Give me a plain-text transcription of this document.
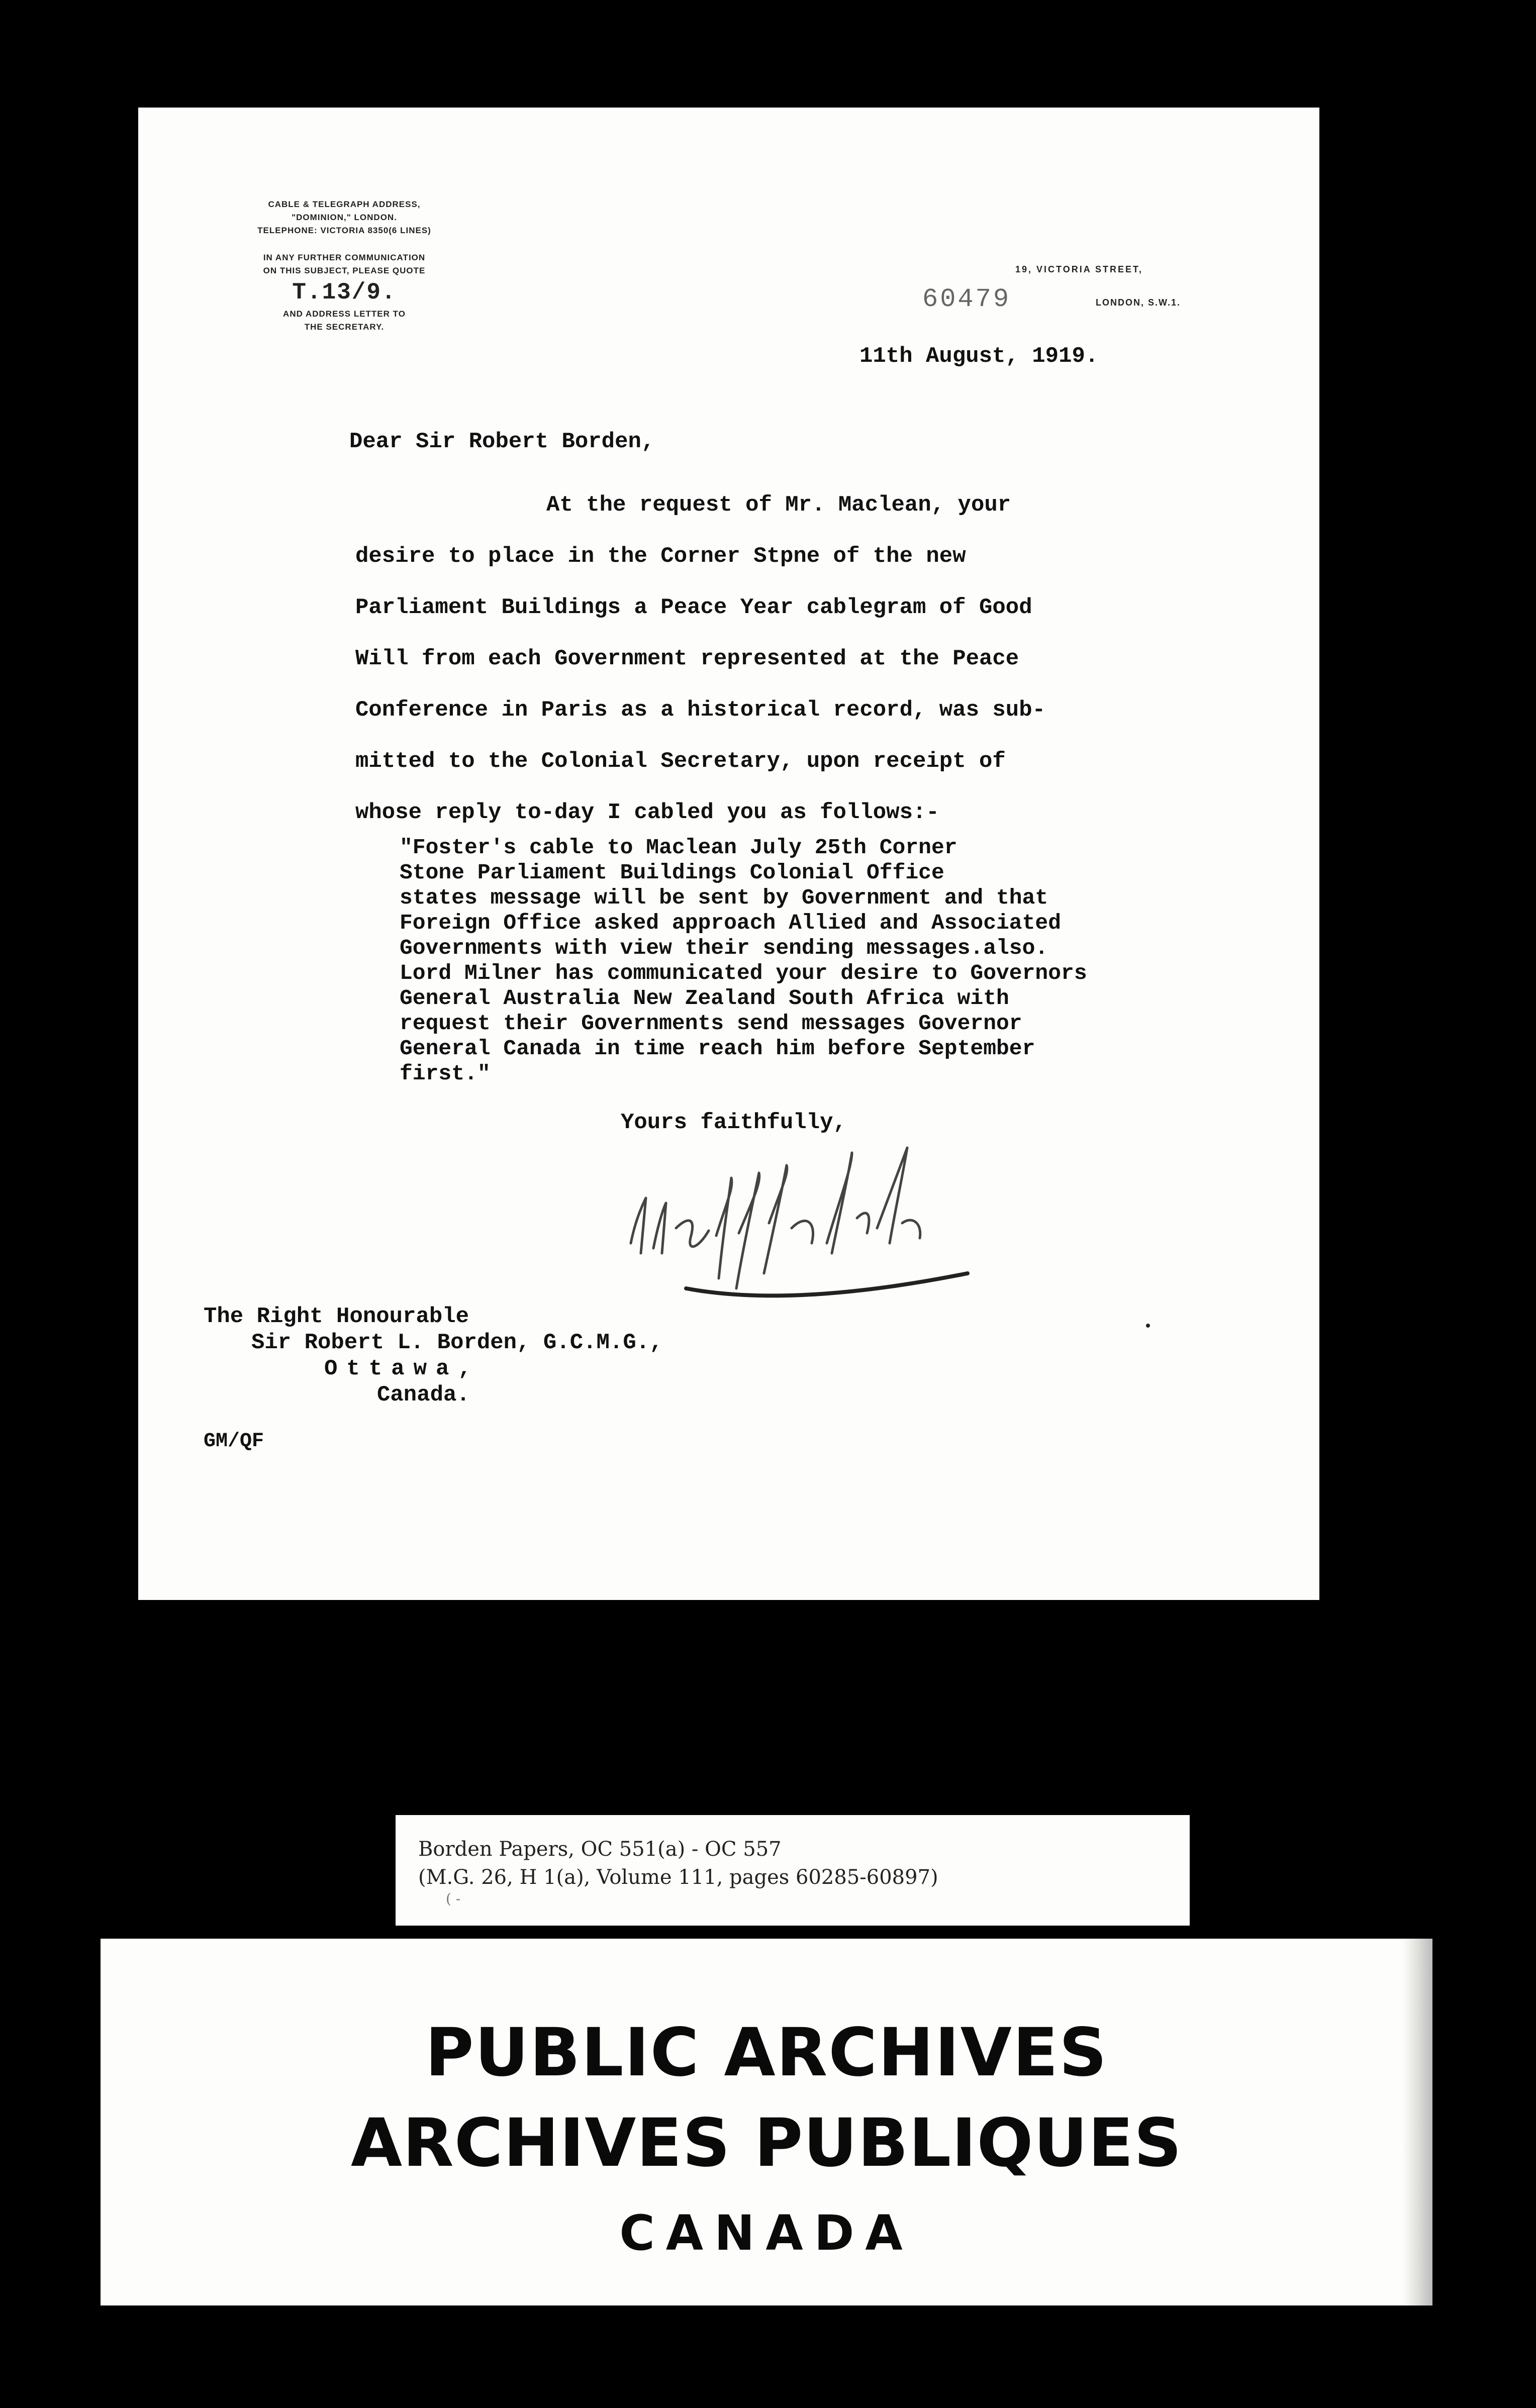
CABLE & TELEGRAPH ADDRESS,
"DOMINION," LONDON.
TELEPHONE: VICTORIA 8350(6 LINES)
IN ANY FURTHER COMMUNICATION
ON THIS SUBJECT, PLEASE QUOTE
T.13/9.
AND ADDRESS LETTER TO
THE SECRETARY.
19, VICTORIA STREET,
60479	LONDON, S.W.1.
11th August, 1919.
Dear Sir Robert Borden,

At the request of Mr. Maclean, your

desire to place in the Corner Stpne of the new

Parliament Buildings a Peace Year cablegram of Good

Will from each Government represented at the Peace

Conference in Paris as a historical record, was sub-

mitted to the Colonial Secretary, upon receipt of

whose reply to-day I cabled you as follows:-

"Foster's cable to Maclean July 25th Corner

Stone Parliament Buildings Colonial Office

states message will be sent by Government and that

Foreign Office asked approach Allied and Associated

Governments with view their sending messages.also.

Lord Milner has communicated your desire to Governors

General Australia New Zealand South Africa with

request their Governments send messages Governor

General Canada in time reach him before September

first."

Yours faithfully,
The Right Honourable
Sir Robert L. Borden, G.C.M.G.,
Ottawa,
Canada.
GM/QF
Borden Papers, OC 551(a) - OC 557
(M.G. 26, H 1(a), Volume 111, pages 60285-60897)
( -
PUBLIC ARCHIVES
ARCHIVES PUBLIQUES
CANADA
